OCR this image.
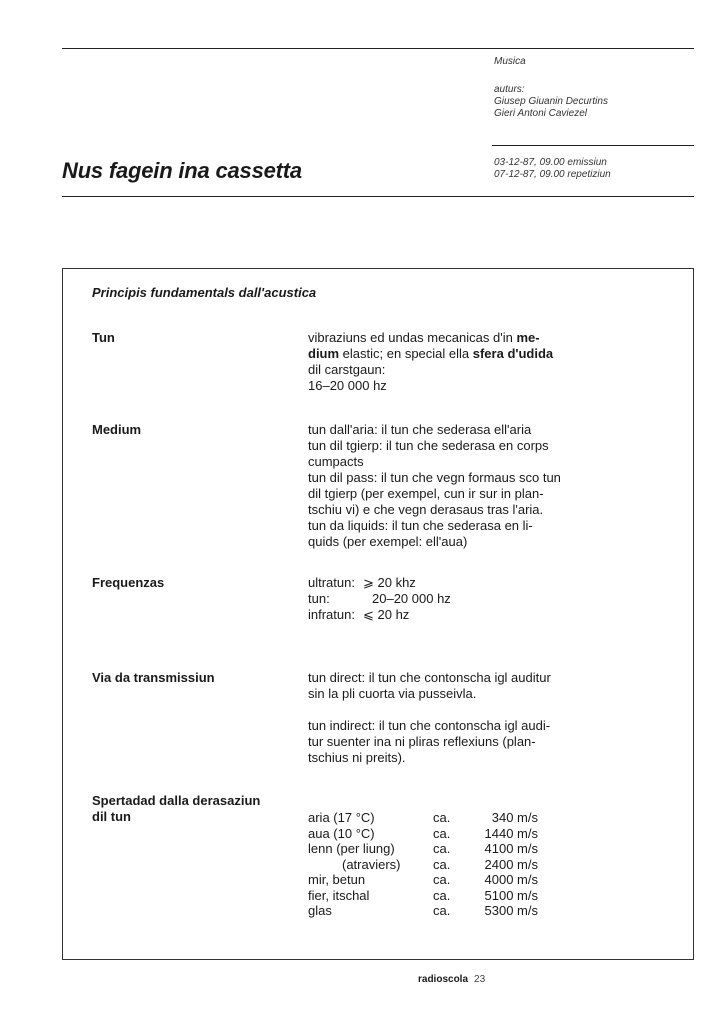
Musica
auturs:
Giusep Giuanin Decurtins
Gieri Antoni Caviezel
03-12-87, 09.00 emissiun
07-12-87, 09.00 repetiziun
Nus fagein ina cassetta
Principis fundamentals dall'acustica
Tun	vibraziuns ed undas mecanicas d'in me-

dium elastic; en special ella sfera d'udida

dil carstgaun:

16–20 000 hz

Medium	tun dall'aria: il tun che sederasa ell'aria

tun dil tgierp: il tun che sederasa en corps

cumpacts

tun dil pass: il tun che vegn formaus sco tun

dil tgierp (per exempel, cun ir sur in plan-

tschiu vi) e che vegn derasaus tras l'aria.

tun da liquids: il tun che sederasa en li-

quids (per exempel: ell'aua)

Frequenzas	ultratun: ⩾ 20 khz
tun:	20–20 000 hz
infratun: ⩽ 20 hz
Via da transmissiun	tun direct: il tun che contonscha igl auditur

sin la pli cuorta via pusseivla.

tun indirect: il tun che contonscha igl audi-

tur suenter ina ni pliras reflexiuns (plan-

tschius ni preits).

Spertadad dalla derasaziun
dil tun	aria (17 °C)	ca.	340 m/s
aua (10 °C)	ca.	1440 m/s
lenn (per liung)	ca.	4100 m/s
(atraviers)	ca.	2400 m/s
mir, betun	ca.	4000 m/s
fier, itschal	ca.	5100 m/s
glas	ca.	5300 m/s
radioscola 23
